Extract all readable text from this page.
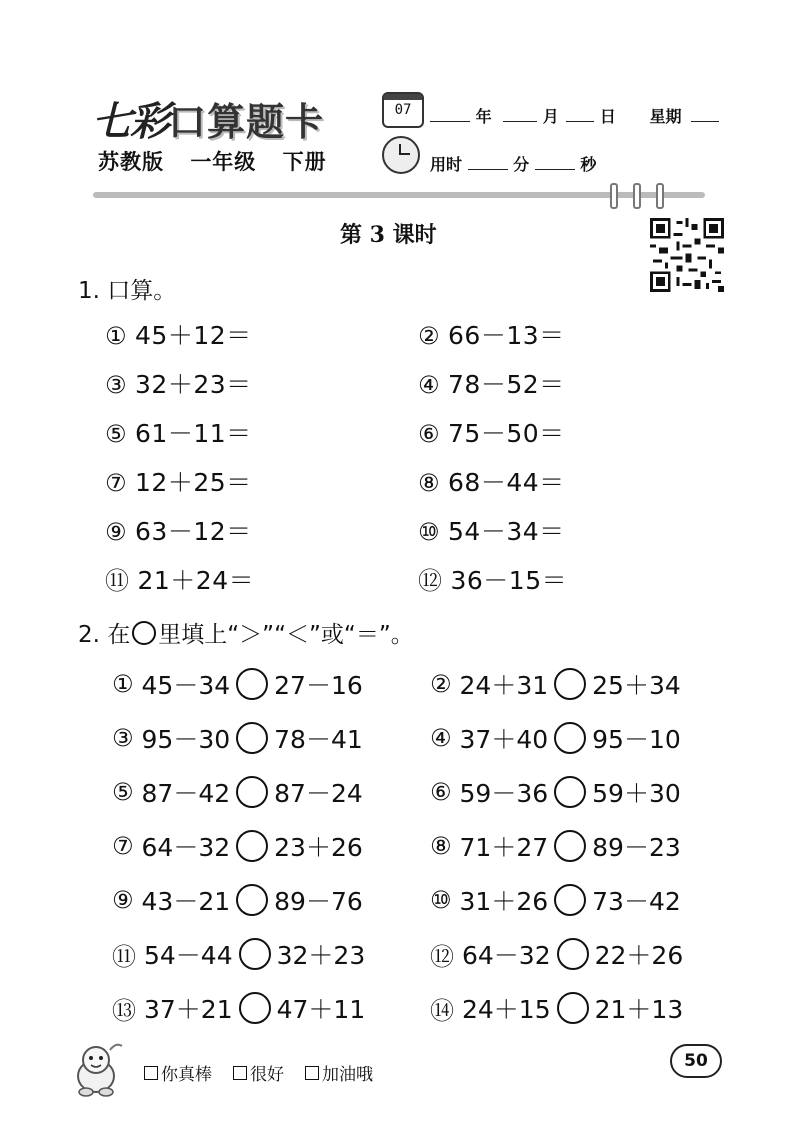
七彩口算题卡
苏教版 一年级 下册
07	年	月	日 星期
用时	分	秒
第 3 课时
1. 口算。
① 45＋12＝	② 66－13＝
③ 32＋23＝	④ 78－52＝
⑤ 61－11＝	⑥ 75－50＝
⑦ 12＋25＝	⑧ 68－44＝
⑨ 63－12＝	⑩ 54－34＝
⑪ 21＋24＝	⑫ 36－15＝
2. 在 里填上“＞”“＜”或“＝”。
① 45－34 27－16	② 24＋31 25＋34
③ 95－30 78－41	④ 37＋40 95－10
⑤ 87－42 87－24	⑥ 59－36 59＋30
⑦ 64－32 23＋26	⑧ 71＋27 89－23
⑨ 43－21 89－76	⑩ 31＋26 73－42
⑪ 54－44 32＋23	⑫ 64－32 22＋26
⑬ 37＋21 47＋11	⑭ 24＋15 21＋13
你真棒 很好 加油哦
50
